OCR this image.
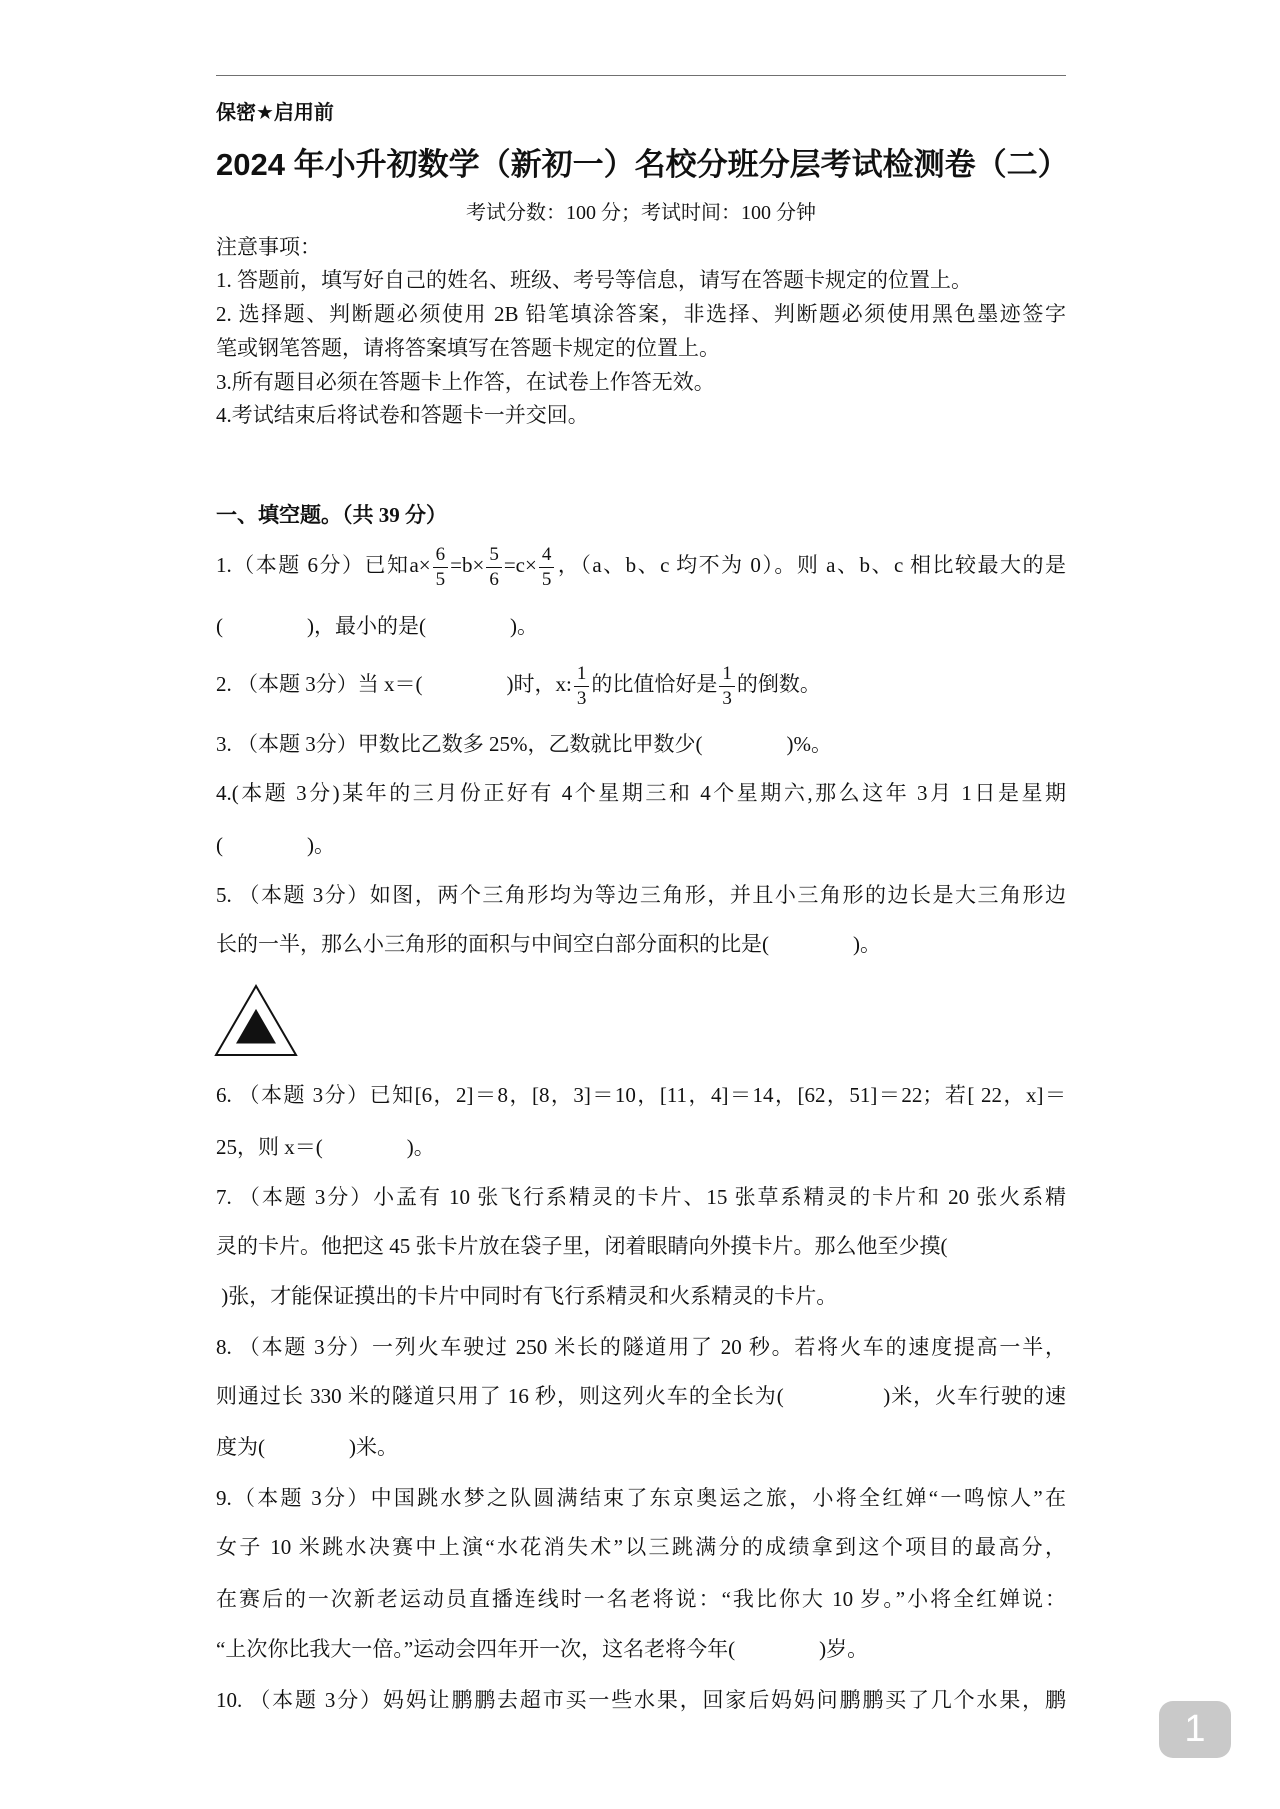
保密★启用前
2024 年小升初数学（新初一）名校分班分层考试检测卷（二）
考试分数：100 分；考试时间：100 分钟
注意事项：
1. 答题前，填写好自己的姓名、班级、考号等信息，请写在答题卡规定的位置上。
2. 选择题、判断题必须使用 2B 铅笔填涂答案，非选择、判断题必须使用黑色墨迹签字
笔或钢笔答题，请将答案填写在答题卡规定的位置上。
3.所有题目必须在答题卡上作答，在试卷上作答无效。
4.考试结束后将试卷和答题卡一并交回。
一、填空题。（共 39 分）
1.（本题 6分）已知$a\times \frac{6}{5} =b\times \frac{5}{6} =c\times \frac{4}{5}$ ，（a、b、c 均不为 0）。则 a、b、c 相比较最大的是
(                )，最小的是(                )。
2. （本题 3分）当 x＝(                )时，x: $\frac{1}{3}$ 的比值恰好是 $\frac{1}{3}$ 的倒数。
3. （本题 3分）甲数比乙数多 25%，乙数就比甲数少(                )%。
4.(本题 3分)某年的三月份正好有 4个星期三和 4个星期六,那么这年 3月 1日是星期
(                )。
5. （本题 3分）如图，两个三角形均为等边三角形，并且小三角形的边长是大三角形边
长的一半，那么小三角形的面积与中间空白部分面积的比是(                )。
6. （本题 3分）已知[6，2]＝8，[8，3]＝10，[11，4]＝14，[62，51]＝22；若[ 22，x]＝
25，则 x＝(                )。
7. （本题 3分）小孟有 10 张飞行系精灵的卡片、15 张草系精灵的卡片和 20 张火系精
灵的卡片。他把这 45 张卡片放在袋子里，闭着眼睛向外摸卡片。那么他至少摸(
)张，才能保证摸出的卡片中同时有飞行系精灵和火系精灵的卡片。
8. （本题 3分）一列火车驶过 250 米长的隧道用了 20 秒。若将火车的速度提高一半，
则通过长 330 米的隧道只用了 16 秒，则这列火车的全长为(                )米，火车行驶的速
度为(                )米。
9.（本题 3分）中国跳水梦之队圆满结束了东京奥运之旅，小将全红婵“一鸣惊人”在
女子 10 米跳水决赛中上演“水花消失术”以三跳满分的成绩拿到这个项目的最高分，
在赛后的一次新老运动员直播连线时一名老将说：“我比你大 10 岁。”小将全红婵说：
“上次你比我大一倍。”运动会四年开一次，这名老将今年(                )岁。
10. （本题 3分）妈妈让鹏鹏去超市买一些水果，回家后妈妈问鹏鹏买了几个水果，鹏
1
